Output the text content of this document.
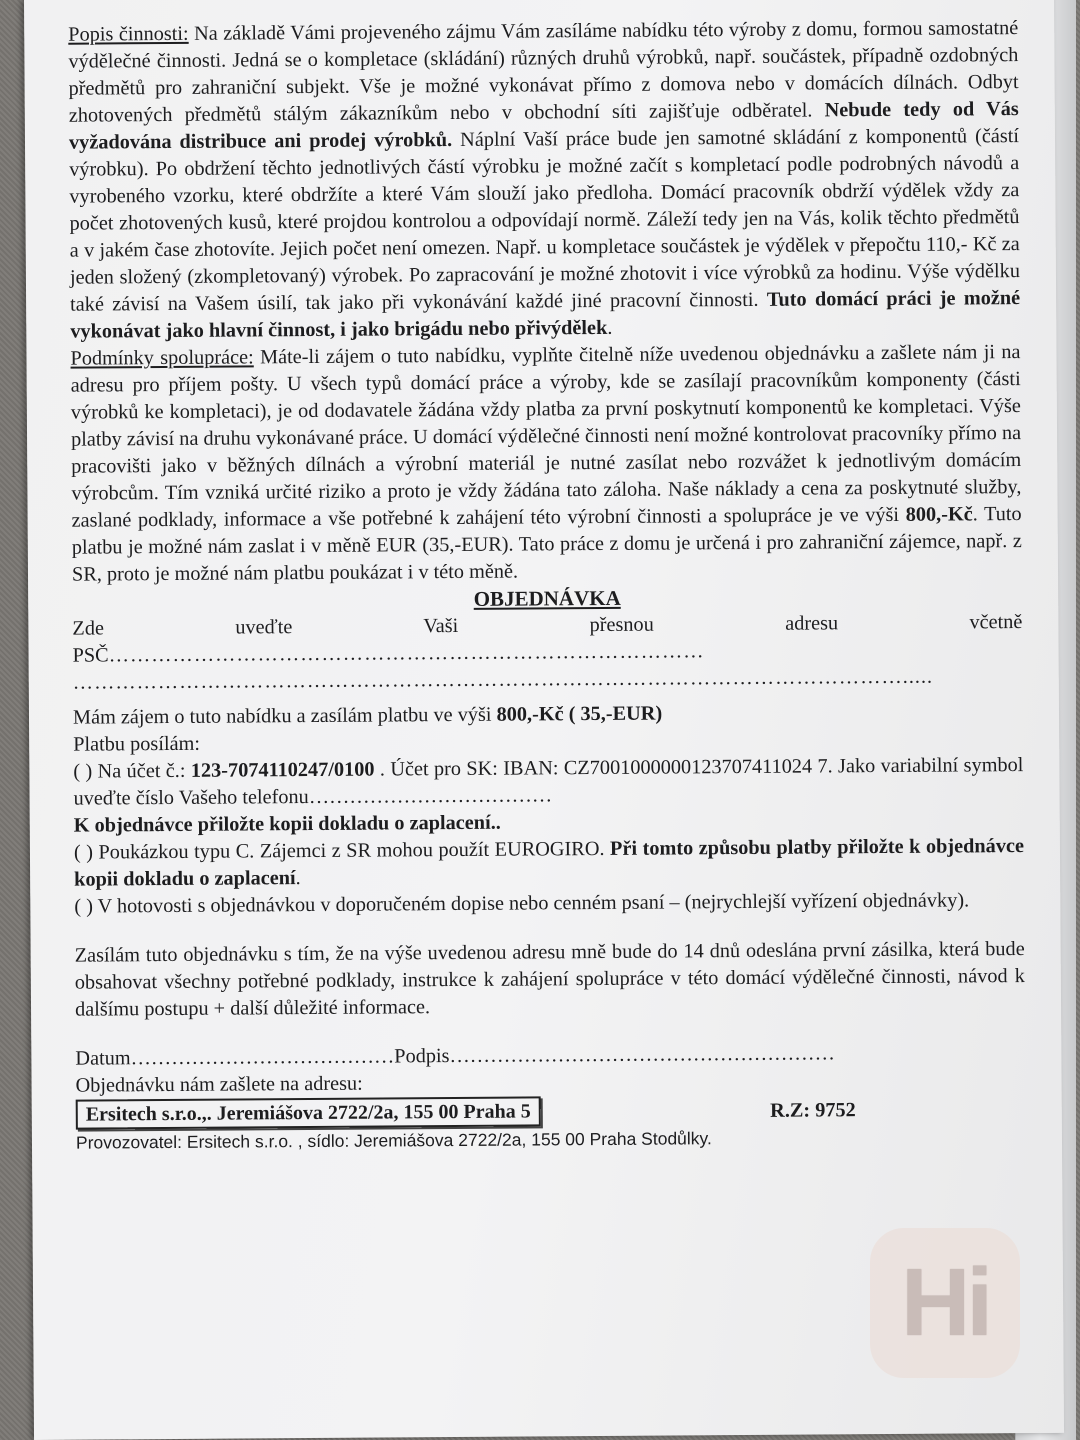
Popis činnosti: Na základě Vámi projeveného zájmu Vám zasíláme nabídku této výroby z domu, formou samostatné výdělečné činnosti. Jedná se o kompletace (skládání) různých druhů výrobků, např. součástek, případně ozdobných předmětů pro zahraniční subjekt. Vše je možné vykonávat přímo z domova nebo v domácích dílnách. Odbyt zhotovených předmětů stálým zákazníkům nebo v obchodní síti zajišťuje odběratel. Nebude tedy od Vás vyžadována distribuce ani prodej výrobků. Náplní Vaší práce bude jen samotné skládání z komponentů (částí výrobku). Po obdržení těchto jednotlivých částí výrobku je možné začít s kompletací podle podrobných návodů a vyrobeného vzorku, které obdržíte a které Vám slouží jako předloha. Domácí pracovník obdrží výdělek vždy za počet zhotovených kusů, které projdou kontrolou a odpovídají normě. Záleží tedy jen na Vás, kolik těchto předmětů a v jakém čase zhotovíte. Jejich počet není omezen. Např. u kompletace součástek je výdělek v přepočtu 110,- Kč za jeden složený (zkompletovaný) výrobek. Po zapracování je možné zhotovit i více výrobků za hodinu. Výše výdělku také závisí na Vašem úsilí, tak jako při vykonávání každé jiné pracovní činnosti. Tuto domácí práci je možné vykonávat jako hlavní činnost, i jako brigádu nebo přivýdělek.

Podmínky spolupráce: Máte-li zájem o tuto nabídku, vyplňte čitelně níže uvedenou objednávku a zašlete nám ji na adresu pro příjem pošty. U všech typů domácí práce a výroby, kde se zasílají pracovníkům komponenty (části výrobků ke kompletaci), je od dodavatele žádána vždy platba za první poskytnutí komponentů ke kompletaci. Výše platby závisí na druhu vykonávané práce. U domácí výdělečné činnosti není možné kontrolovat pracovníky přímo na pracovišti jako v běžných dílnách a výrobní materiál je nutné zasílat nebo rozvážet k jednotlivým domácím výrobcům. Tím vzniká určité riziko a proto je vždy žádána tato záloha. Naše náklady a cena za poskytnuté služby, zaslané podklady, informace a vše potřebné k zahájení této výrobní činnosti a spolupráce je ve výši 800,-Kč. Tuto platbu je možné nám zaslat i v měně EUR (35,-EUR). Tato práce z domu je určená i pro zahraniční zájemce, např. z SR, proto je možné nám platbu poukázat i v této měně.

OBJEDNÁVKA

Zde uveďte Vaši přesnou adresu včetně PSČ…………………………………………………………………………

……………………………………………………………………………………………………….....

Mám zájem o tuto nabídku a zasílám platbu ve výši 800,-Kč ( 35,-EUR)

Platbu posílám:

( ) Na účet č.: 123-7074110247/0100 . Účet pro SK: IBAN: CZ7001000000123707411024 7. Jako variabilní symbol uveďte číslo Vašeho telefonu………………………………

K objednávce přiložte kopii dokladu o zaplacení..

( ) Poukázkou typu C. Zájemci z SR mohou použít EUROGIRO. Při tomto způsobu platby přiložte k objednávce kopii dokladu o zaplacení.

( ) V hotovosti s objednávkou v doporučeném dopise nebo cenném psaní – (nejrychlejší vyřízení objednávky).

Zasílám tuto objednávku s tím, že na výše uvedenou adresu mně bude do 14 dnů odeslána první zásilka, která bude obsahovat všechny potřebné podklady, instrukce k zahájení spolupráce v této domácí výdělečné činnosti, návod k dalšímu postupu + další důležité informace.

Datum…………………………………Podpis…………………………………………………

Objednávku nám zašlete na adresu:

Ersitech s.r.o.,. Jeremiášova 2722/2a, 155 00 Praha 5	R.Z: 9752

Provozovatel: Ersitech s.r.o. , sídlo: Jeremiášova 2722/2a, 155 00 Praha Stodůlky.

Hi
